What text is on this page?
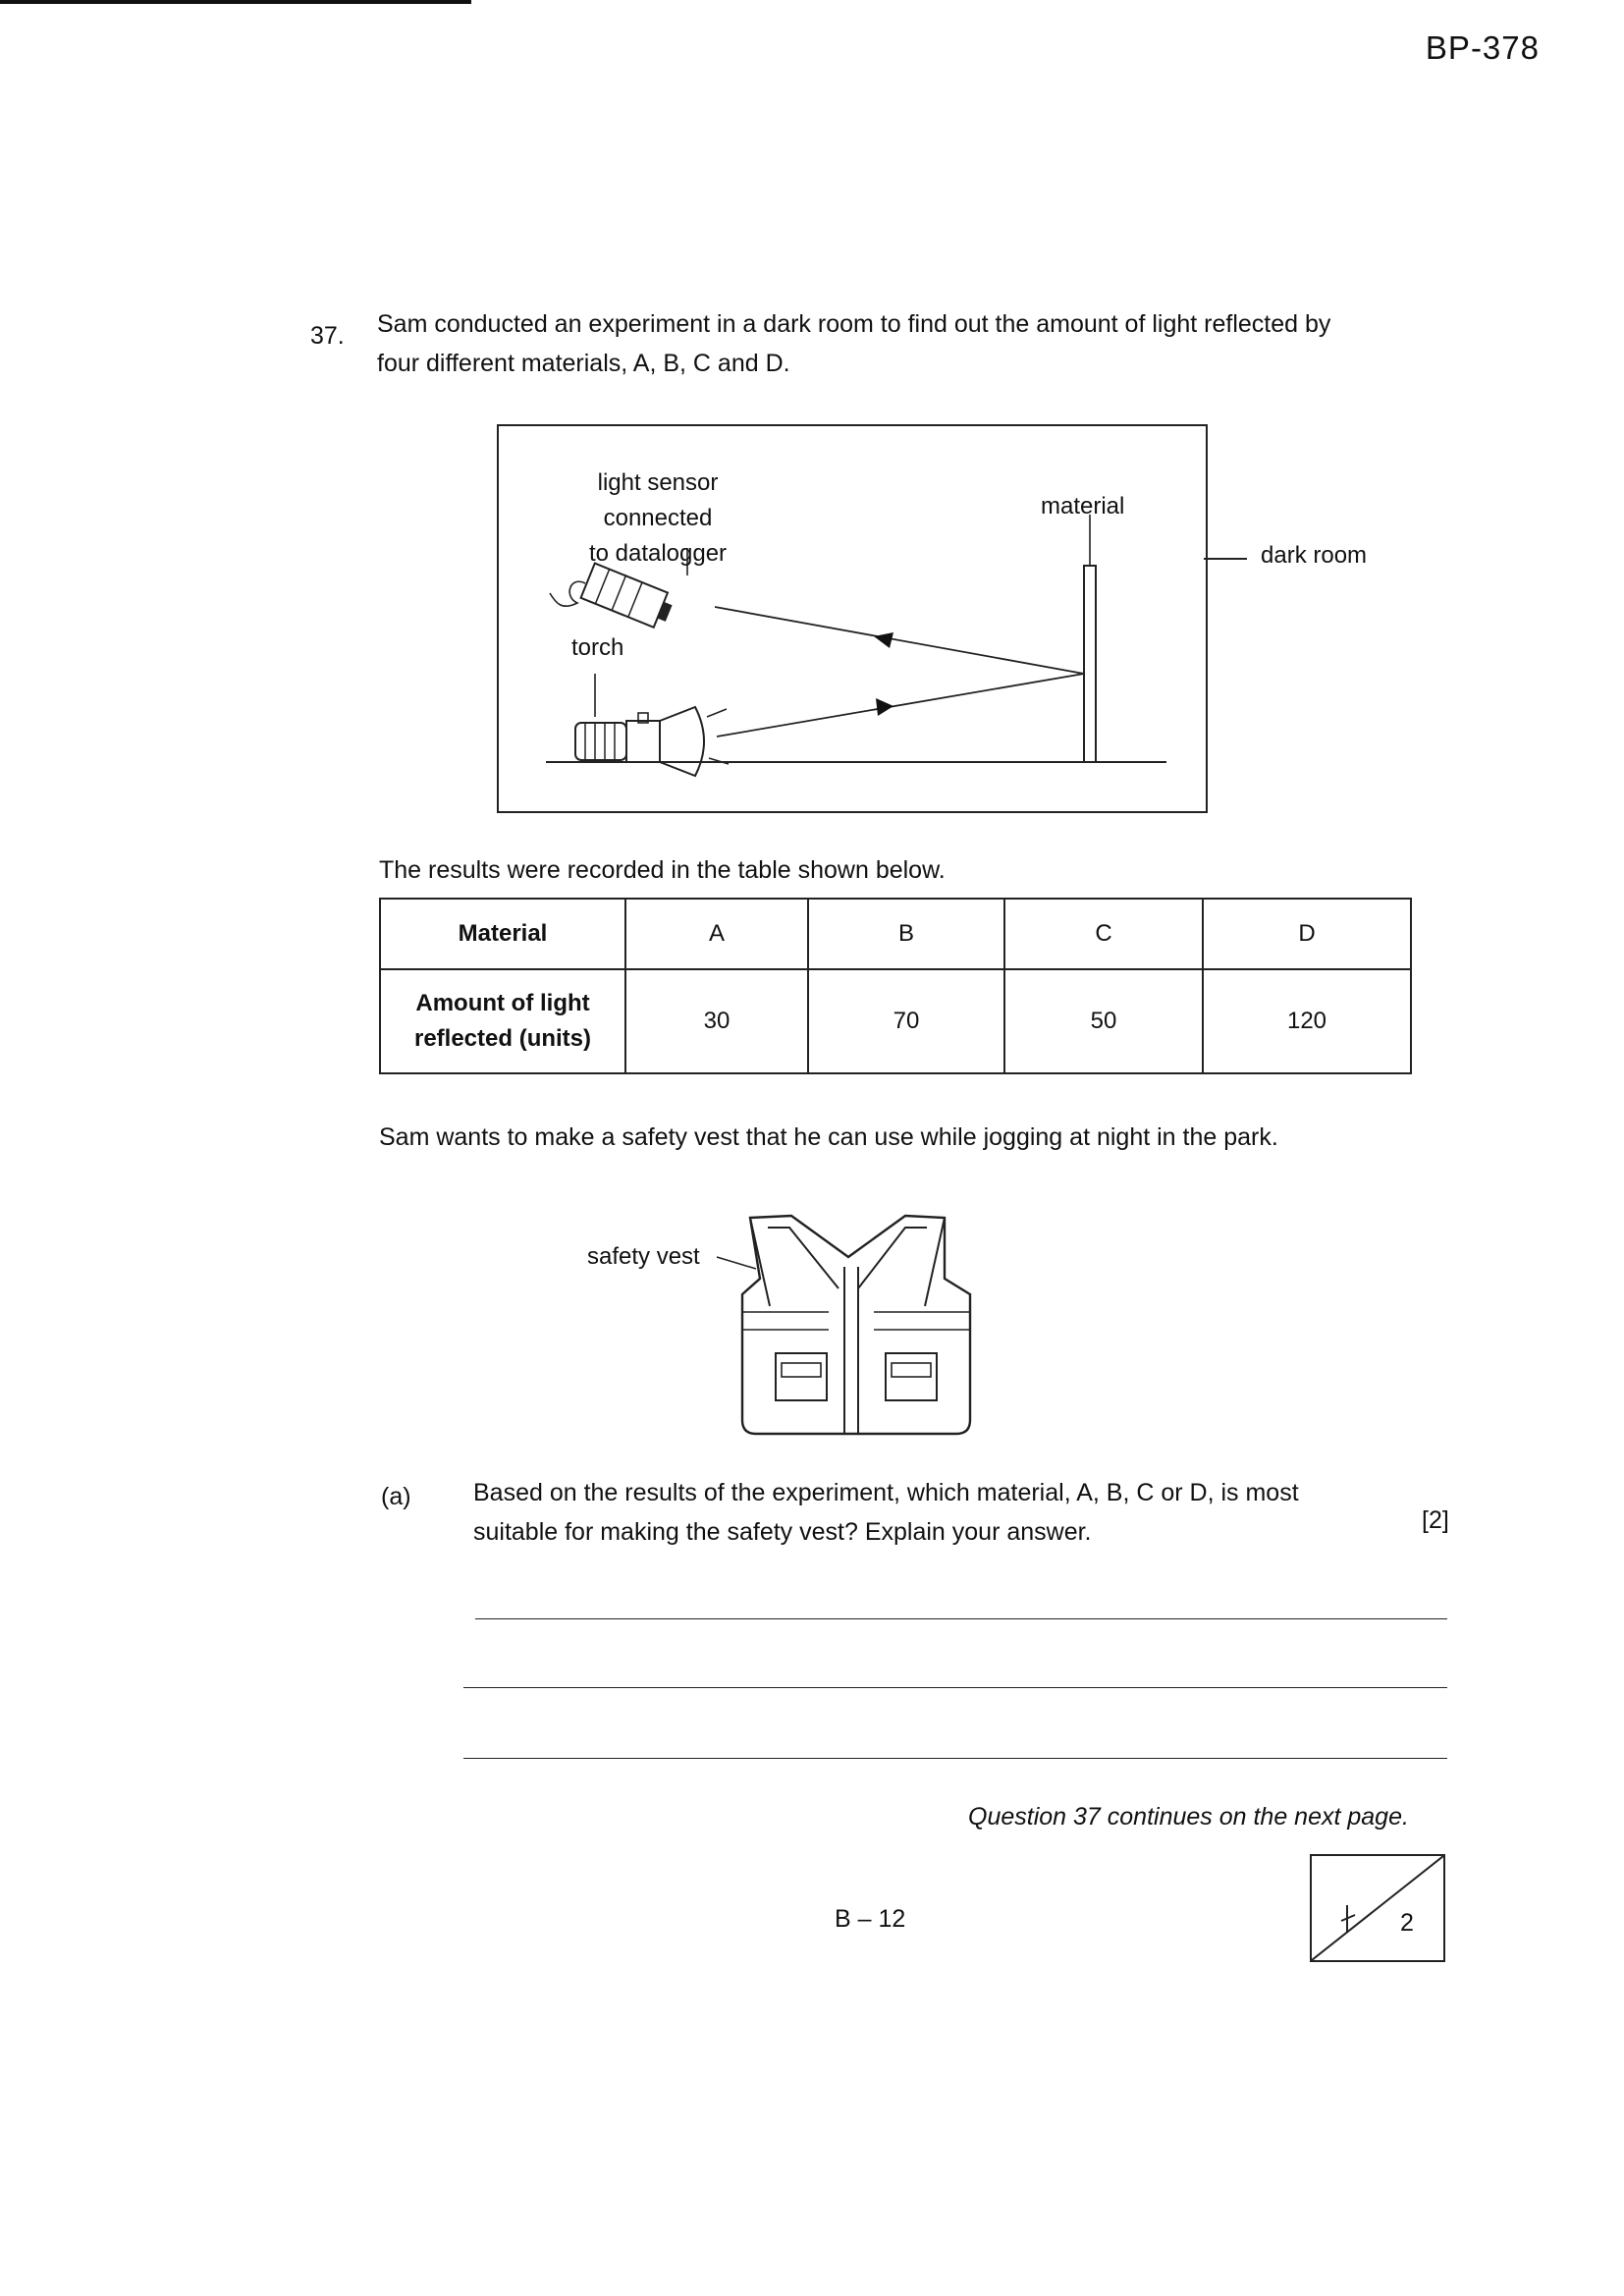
BP-378
37. Sam conducted an experiment in a dark room to find out the amount of light reflected by
four different materials, A, B, C and D.
light sensor connected
to datalogger
material
torch
dark room
The results were recorded in the table shown below.
Material	A	B	C	D

Amount of light
reflected (units)	30	70	50	120
Sam wants to make a safety vest that he can use while jogging at night in the park.
safety vest
(a)	Based on the results of the experiment, which material, A, B, C or D, is most
suitable for making the safety vest? Explain your answer.	[2]
Question 37 continues on the next page.
B – 12	2
